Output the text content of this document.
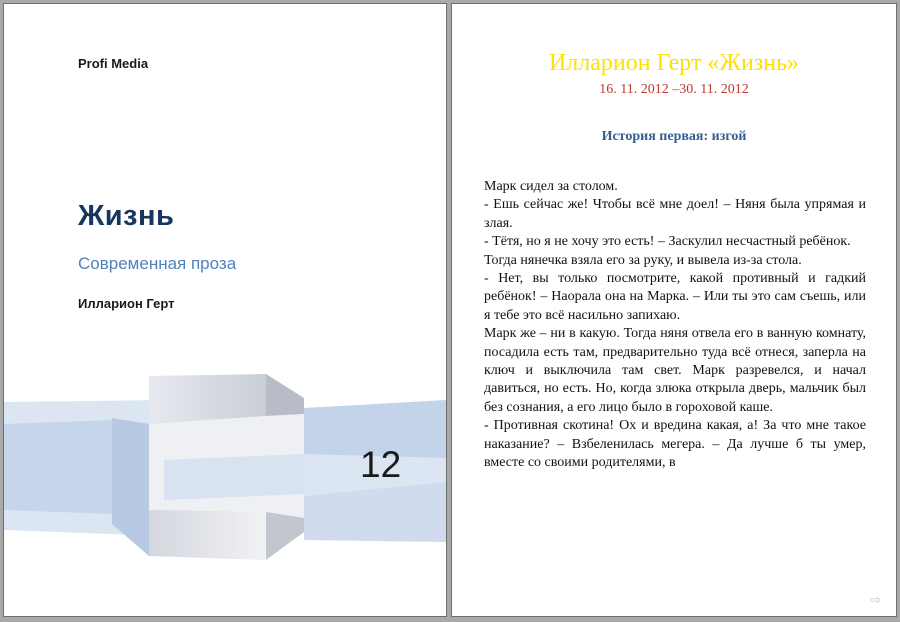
Profi Media
Жизнь
Современная проза
Илларион Герт
12
Илларион Герт «Жизнь»
16. 11. 2012 –30. 11. 2012
История первая: изгой

Марк сидел за столом.

- Ешь сейчас же! Чтобы всё мне доел! – Няня была упрямая и злая.

- Тётя, но я не хочу это есть! – Заскулил несчастный ребёнок.

Тогда нянечка взяла его за руку, и вывела из-за стола.

- Нет, вы только посмотрите, какой противный и гадкий ребёнок! – Наорала она на Марка. – Или ты это сам съешь, или я тебе это всё насильно запихаю.

Марк же – ни в какую. Тогда няня отвела его в ванную комнату, посадила есть там, предварительно туда всё отнеся, заперла на ключ и выключила там свет. Марк разревелся, и начал давиться, но есть. Но, когда злюка открыла дверь, мальчик был без сознания, а его лицо было в гороховой каше.

- Противная скотина! Ох и вредина какая, а! За что мне такое наказание? – Взбеленилась мегера. – Да лучше б ты умер, вместе со своими родителями, в

⇨
